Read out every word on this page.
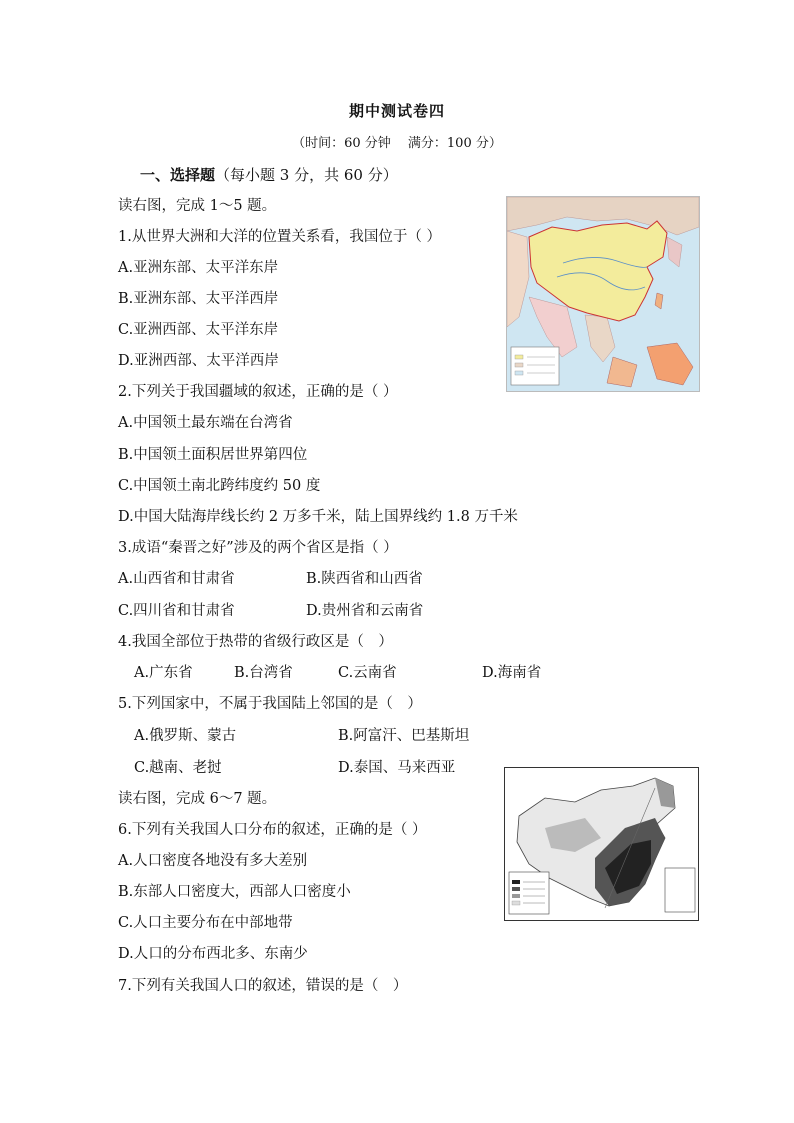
期中测试卷四
（时间：60 分钟　 满分：100 分）
一、选择题（每小题 3 分，共 60 分）
读右图，完成 1～5 题。
1.从世界大洲和大洋的位置关系看，我国位于（ ）
A.亚洲东部、太平洋东岸
B.亚洲东部、太平洋西岸
C.亚洲西部、太平洋东岸
D.亚洲西部、太平洋西岸
2.下列关于我国疆域的叙述，正确的是（ ）
A.中国领土最东端在台湾省
B.中国领土面积居世界第四位
C.中国领土南北跨纬度约 50 度
D.中国大陆海岸线长约 2 万多千米，陆上国界线约 1.8 万千米
3.成语“秦晋之好”涉及的两个省区是指（ ）
A.山西省和甘肃省	B.陕西省和山西省
C.四川省和甘肃省	D.贵州省和云南省
4.我国全部位于热带的省级行政区是（　）
A.广东省	B.台湾省	C.云南省	D.海南省
5.下列国家中，不属于我国陆上邻国的是（　）
A.俄罗斯、蒙古	B.阿富汗、巴基斯坦
C.越南、老挝	D.泰国、马来西亚
读右图，完成 6～7 题。
6.下列有关我国人口分布的叙述，正确的是（ ）
A.人口密度各地没有多大差别
B.东部人口密度大，西部人口密度小
C.人口主要分布在中部地带
D.人口的分布西北多、东南少
7.下列有关我国人口的叙述，错误的是（　）
